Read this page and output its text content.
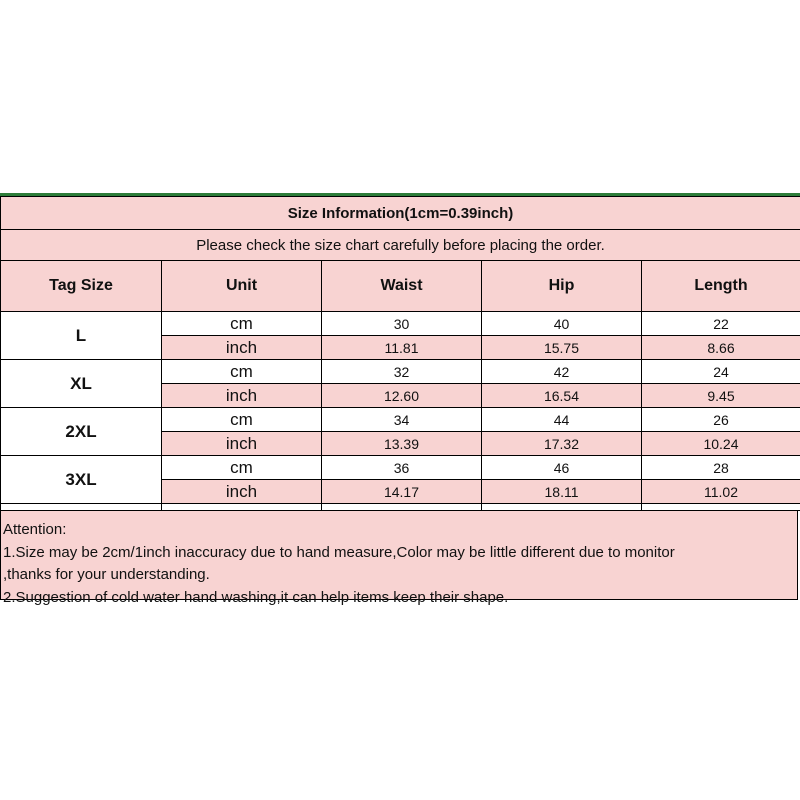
Size Information(1cm=0.39inch)				
Please check the size chart carefully before placing the order.				
Tag Size	Unit	Waist	Hip	Length
L	cm	30	40	22
	inch	11.81	15.75	8.66
XL	cm	32	42	24
	inch	12.60	16.54	9.45
2XL	cm	34	44	26
	inch	13.39	17.32	10.24
3XL	cm	36	46	28
	inch	14.17	18.11	11.02

Attention:
1.Size may be 2cm/1inch inaccuracy due to hand measure,Color may be little different due to monitor
,thanks for your understanding.
2.Suggestion of cold water hand washing,it can help items keep their shape.
